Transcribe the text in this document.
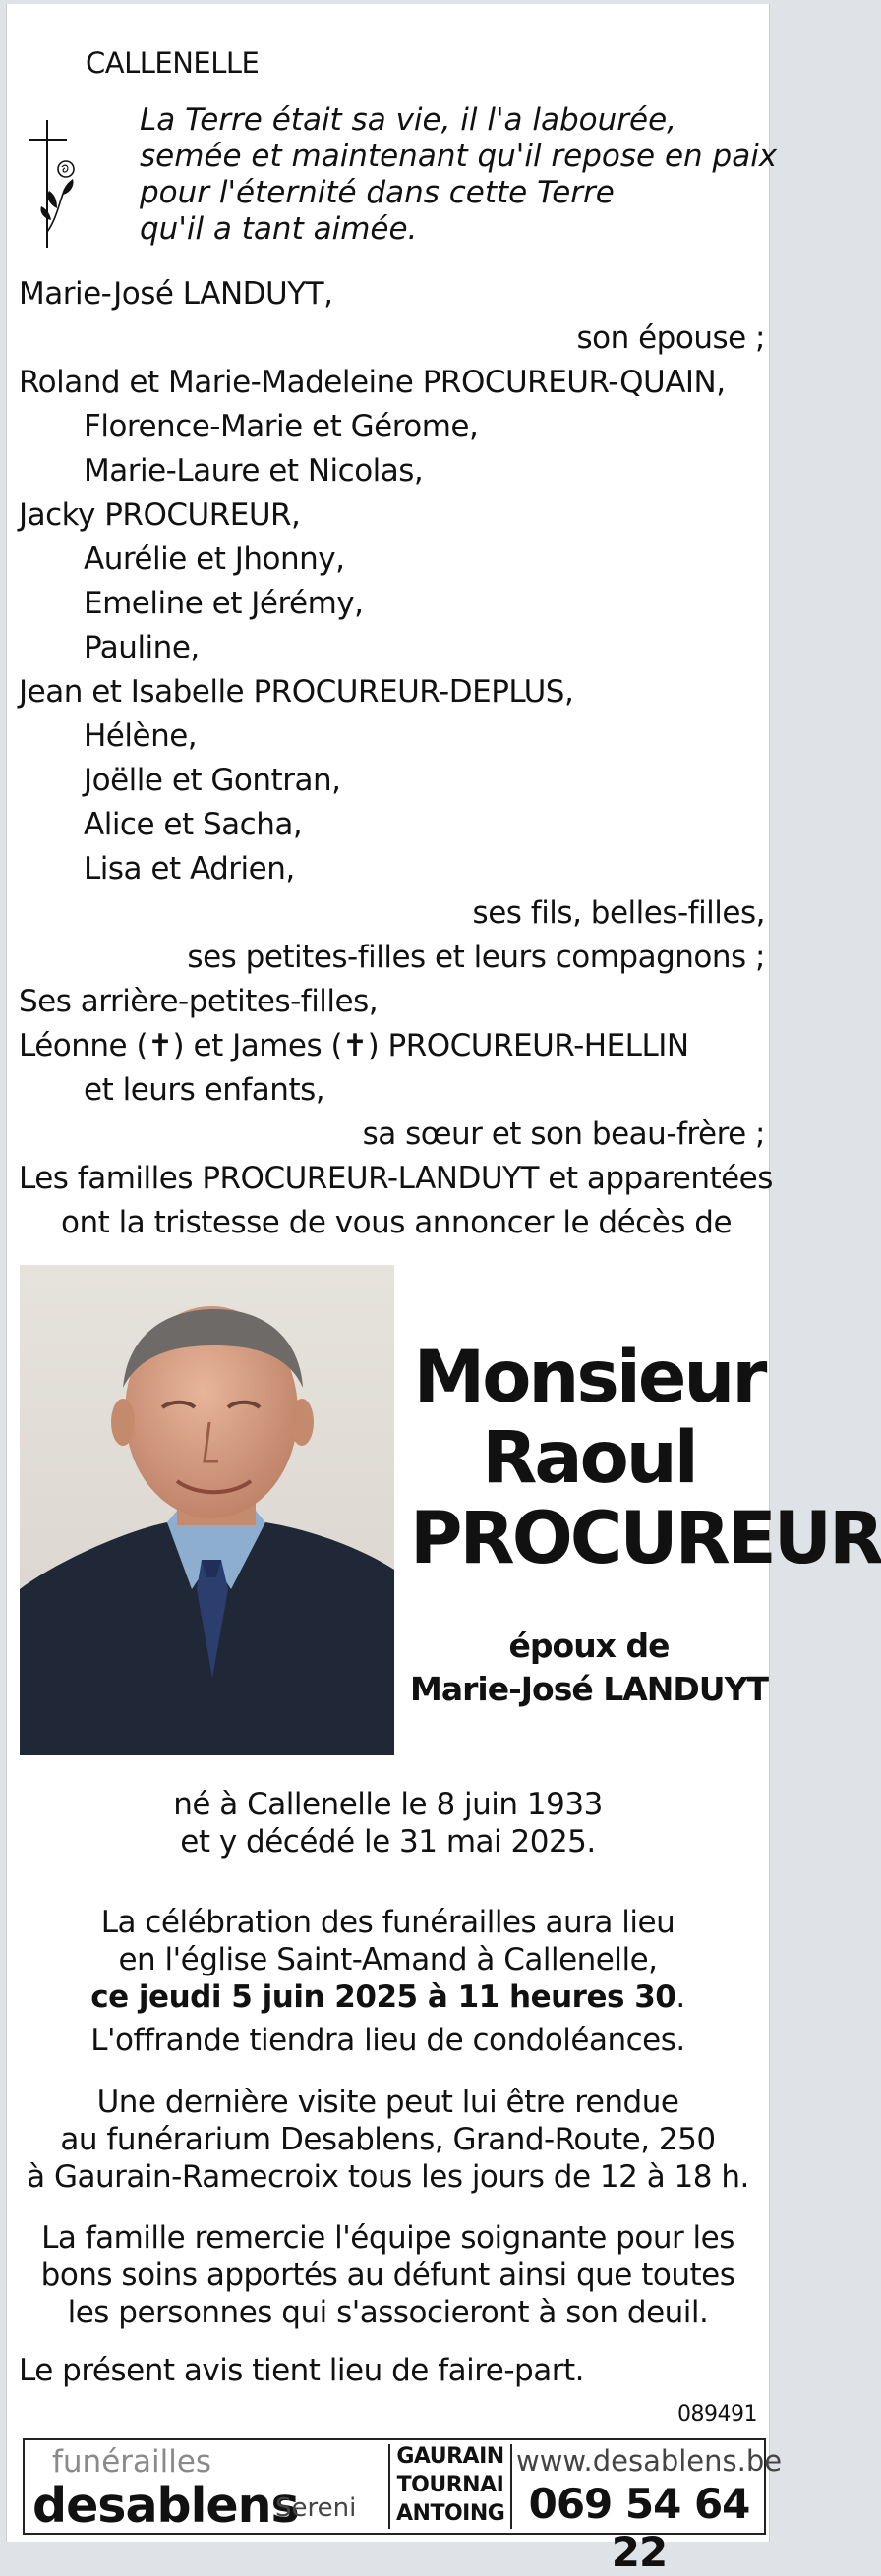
CALLENELLE
La Terre était sa vie, il l'a labourée,
semée et maintenant qu'il repose en paix
pour l'éternité dans cette Terre
qu'il a tant aimée.
Marie-José LANDUYT,
son épouse ;
Roland et Marie-Madeleine PROCUREUR-QUAIN,
Florence-Marie et Gérome,
Marie-Laure et Nicolas,
Jacky PROCUREUR,
Aurélie et Jhonny,
Emeline et Jérémy,
Pauline,
Jean et Isabelle PROCUREUR-DEPLUS,
Hélène,
Joëlle et Gontran,
Alice et Sacha,
Lisa et Adrien,
ses fils, belles-filles,
ses petites-filles et leurs compagnons ;
Ses arrière-petites-filles,
Léonne (✝) et James (✝) PROCUREUR-HELLIN
et leurs enfants,
sa sœur et son beau-frère ;
Les familles PROCUREUR-LANDUYT et apparentées
ont la tristesse de vous annoncer le décès de
Monsieur
Raoul
PROCUREUR
époux de
Marie-José LANDUYT
né à Callenelle le 8 juin 1933
et y décédé le 31 mai 2025.
La célébration des funérailles aura lieu
en l'église Saint-Amand à Callenelle,
ce jeudi 5 juin 2025 à 11 heures 30.
L'offrande tiendra lieu de condoléances.
Une dernière visite peut lui être rendue
au funérarium Desablens, Grand-Route, 250
à Gaurain-Ramecroix tous les jours de 12 à 18 h.
La famille remercie l'équipe soignante pour les
bons soins apportés au défunt ainsi que toutes
les personnes qui s'associeront à son deuil.
Le présent avis tient lieu de faire-part.
089491
funérailles
desablens
Sereni
GAURAIN
TOURNAI
ANTOING
www.desablens.be
069 54 64 22
